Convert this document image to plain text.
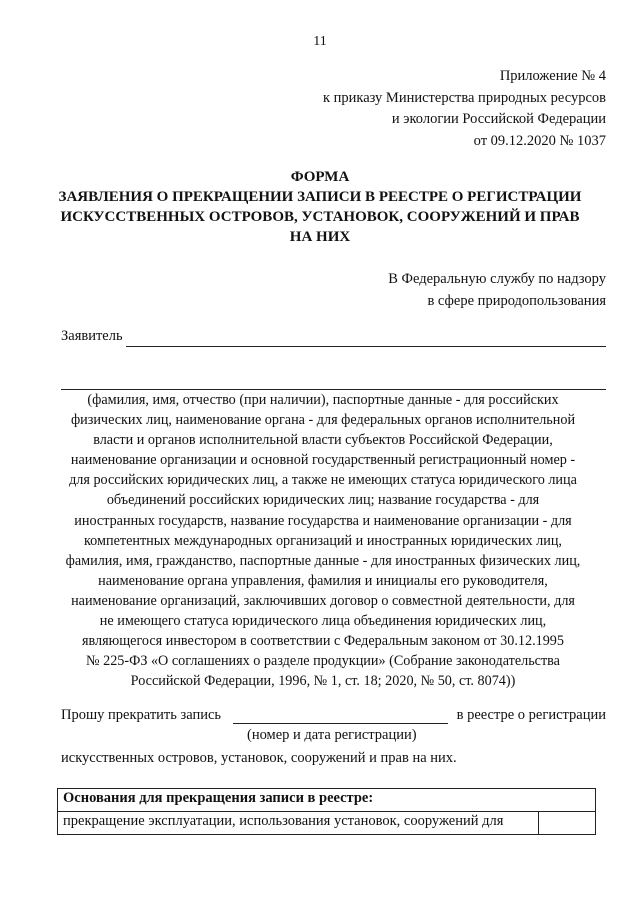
11
Приложение № 4
к приказу Министерства природных ресурсов
и экологии Российской Федерации
от 09.12.2020 № 1037
ФОРМА
ЗАЯВЛЕНИЯ О ПРЕКРАЩЕНИИ ЗАПИСИ В РЕЕСТРЕ О РЕГИСТРАЦИИ
ИСКУССТВЕННЫХ ОСТРОВОВ, УСТАНОВОК, СООРУЖЕНИЙ И ПРАВ
НА НИХ
В Федеральную службу по надзору
в сфере природопользования
Заявитель
(фамилия, имя, отчество (при наличии), паспортные данные - для российских
физических лиц, наименование органа - для федеральных органов исполнительной
власти и органов исполнительной власти субъектов Российской Федерации,
наименование организации и основной государственный регистрационный номер -
для российских юридических лиц, а также не имеющих статуса юридического лица
объединений российских юридических лиц; название государства - для
иностранных государств, название государства и наименование организации - для
компетентных международных организаций и иностранных юридических лиц,
фамилия, имя, гражданство, паспортные данные - для иностранных физических лиц,
наименование органа управления, фамилия и инициалы его руководителя,
наименование организаций, заключивших договор о совместной деятельности, для
не имеющего статуса юридического лица объединения юридических лиц,
являющегося инвестором в соответствии с Федеральным законом от 30.12.1995
№ 225-ФЗ «О соглашениях о разделе продукции» (Собрание законодательства
Российской Федерации, 1996, № 1, ст. 18; 2020, № 50, ст. 8074))
Прошу прекратить запись	в реестре о регистрации
(номер и дата регистрации)
искусственных островов, установок, сооружений и прав на них.
Основания для прекращения записи в реестре:
прекращение эксплуатации, использования установок, сооружений для	
